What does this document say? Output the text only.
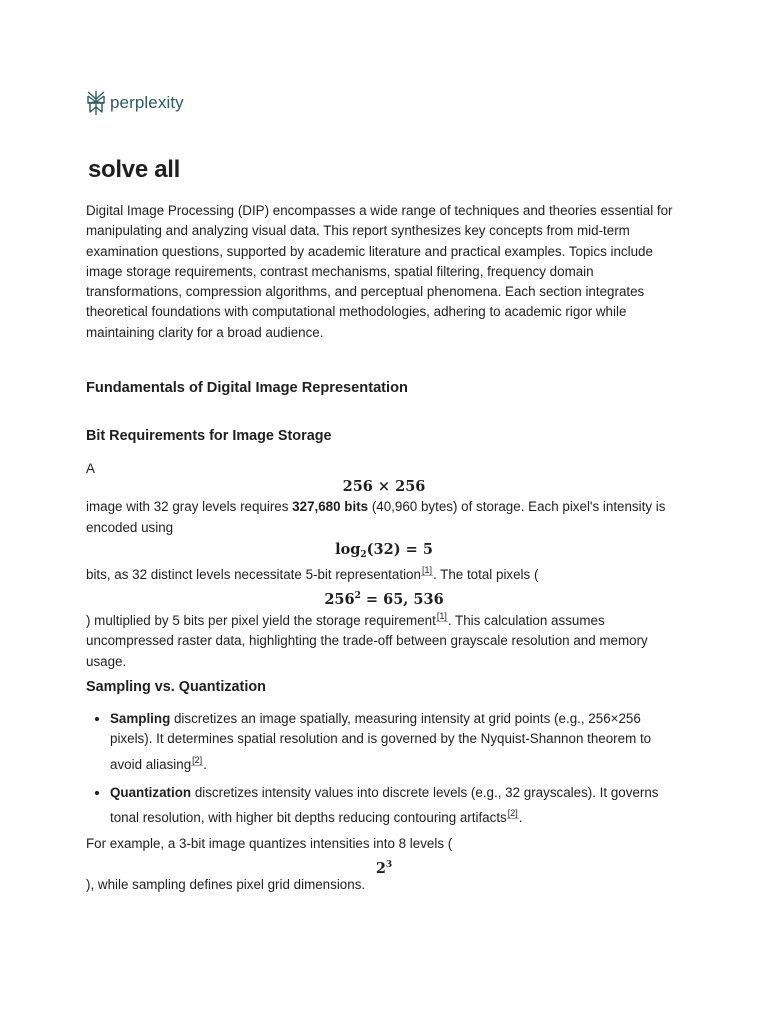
perplexity
solve all

Digital Image Processing (DIP) encompasses a wide range of techniques and theories essential for manipulating and analyzing visual data. This report synthesizes key concepts from mid-term examination questions, supported by academic literature and practical examples. Topics include image storage requirements, contrast mechanisms, spatial filtering, frequency domain transformations, compression algorithms, and perceptual phenomena. Each section integrates theoretical foundations with computational methodologies, adhering to academic rigor while maintaining clarity for a broad audience.

Fundamentals of Digital Image Representation
Bit Requirements for Image Storage

A

256 × 256

image with 32 gray levels requires 327,680 bits (40,960 bytes) of storage. Each pixel's intensity is encoded using

$\log_2(32) = 5$

bits, as 32 distinct levels necessitate 5-bit representation[1]. The total pixels (

$256^2 = 65$, 536

) multiplied by 5 bits per pixel yield the storage requirement[1]. This calculation assumes uncompressed raster data, highlighting the trade-off between grayscale resolution and memory usage.

Sampling vs. Quantization
• Sampling discretizes an image spatially, measuring intensity at grid points (e.g., 256×256 pixels). It determines spatial resolution and is governed by the Nyquist-Shannon theorem to avoid aliasing[2].
• Quantization discretizes intensity values into discrete levels (e.g., 32 grayscales). It governs tonal resolution, with higher bit depths reducing contouring artifacts[2].

For example, a 3-bit image quantizes intensities into 8 levels (

$2^3$

), while sampling defines pixel grid dimensions.
